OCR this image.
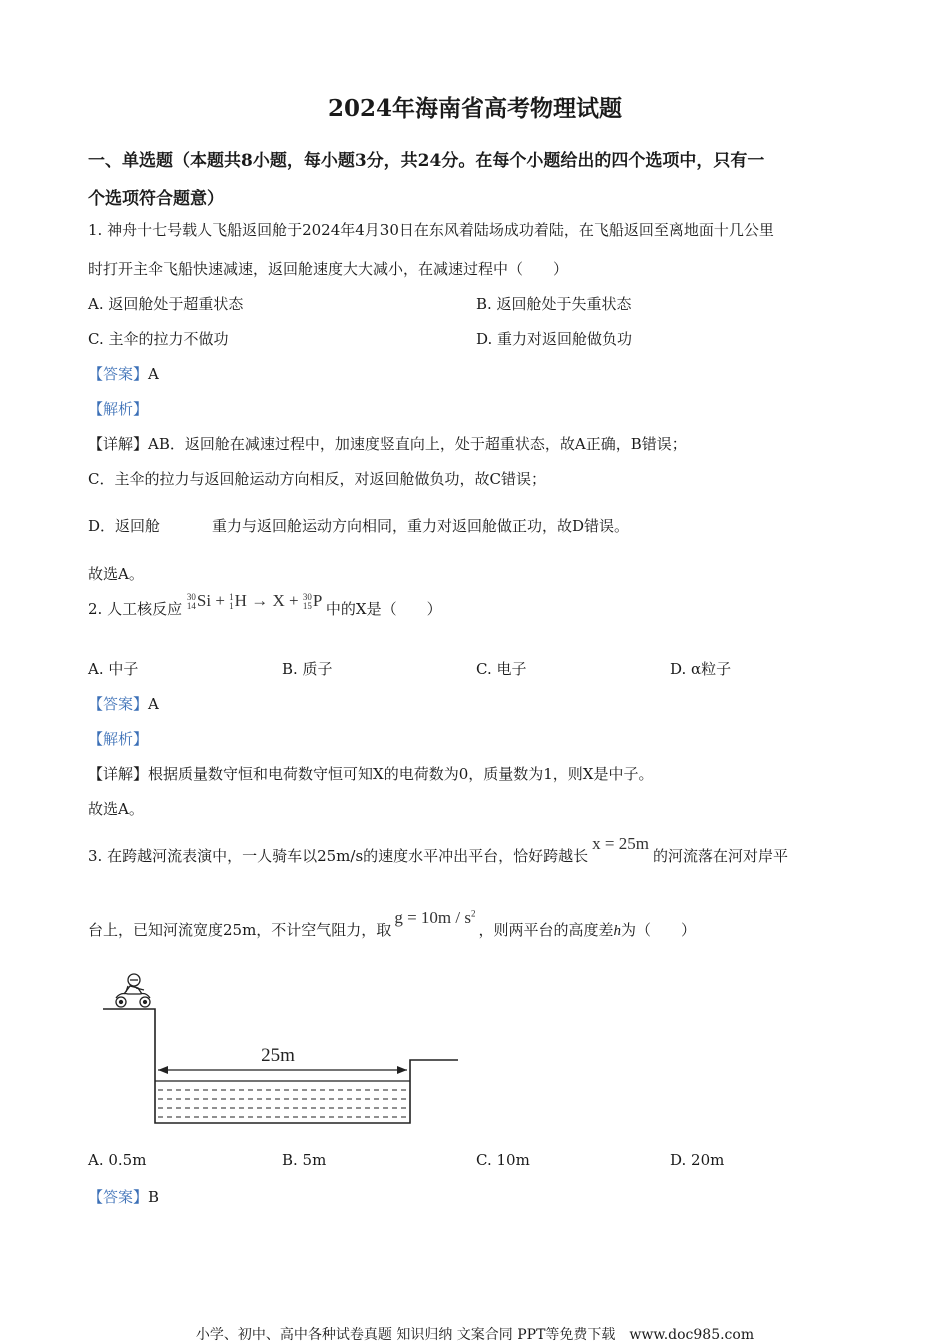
2024年海南省高考物理试题
一、单选题（本题共8小题，每小题3分，共24分。在每个小题给出的四个选项中，只有一
个选项符合题意）
1. 神舟十七号载人飞船返回舱于2024年4月30日在东风着陆场成功着陆，在飞船返回至离地面十几公里
时打开主伞飞船快速减速，返回舱速度大大减小，在减速过程中（　　）
A. 返回舱处于超重状态	B. 返回舱处于失重状态
C. 主伞的拉力不做功	D. 重力对返回舱做负功
【答案】A
【解析】
【详解】AB．返回舱在减速过程中，加速度竖直向上，处于超重状态，故A正确，B错误；
C．主伞的拉力与返回舱运动方向相反，对返回舱做负功，故C错误；
D．返回舱	重力与返回舱运动方向相同，重力对返回舱做正功，故D错误。
故选A。
2. 人工核反应 30
14Si + 1
1H → X + 30
15P 中的X是（　　）
A. 中子	B. 质子	C. 电子	D. α粒子
【答案】A
【解析】
【详解】根据质量数守恒和电荷数守恒可知X的电荷数为0，质量数为1，则X是中子。
故选A。
3. 在跨越河流表演中，一人骑车以25m/s的速度水平冲出平台，恰好跨越长x = 25m的河流落在河对岸平
台上，已知河流宽度25m，不计空气阻力，取$g = 10m / s^2$，则两平台的高度差h为（　　）
25m
A. 0.5m	B. 5m	C. 10m	D. 20m
【答案】B
小学、初中、高中各种试卷真题 知识归纳 文案合同 PPT等免费下载　www.doc985.com
